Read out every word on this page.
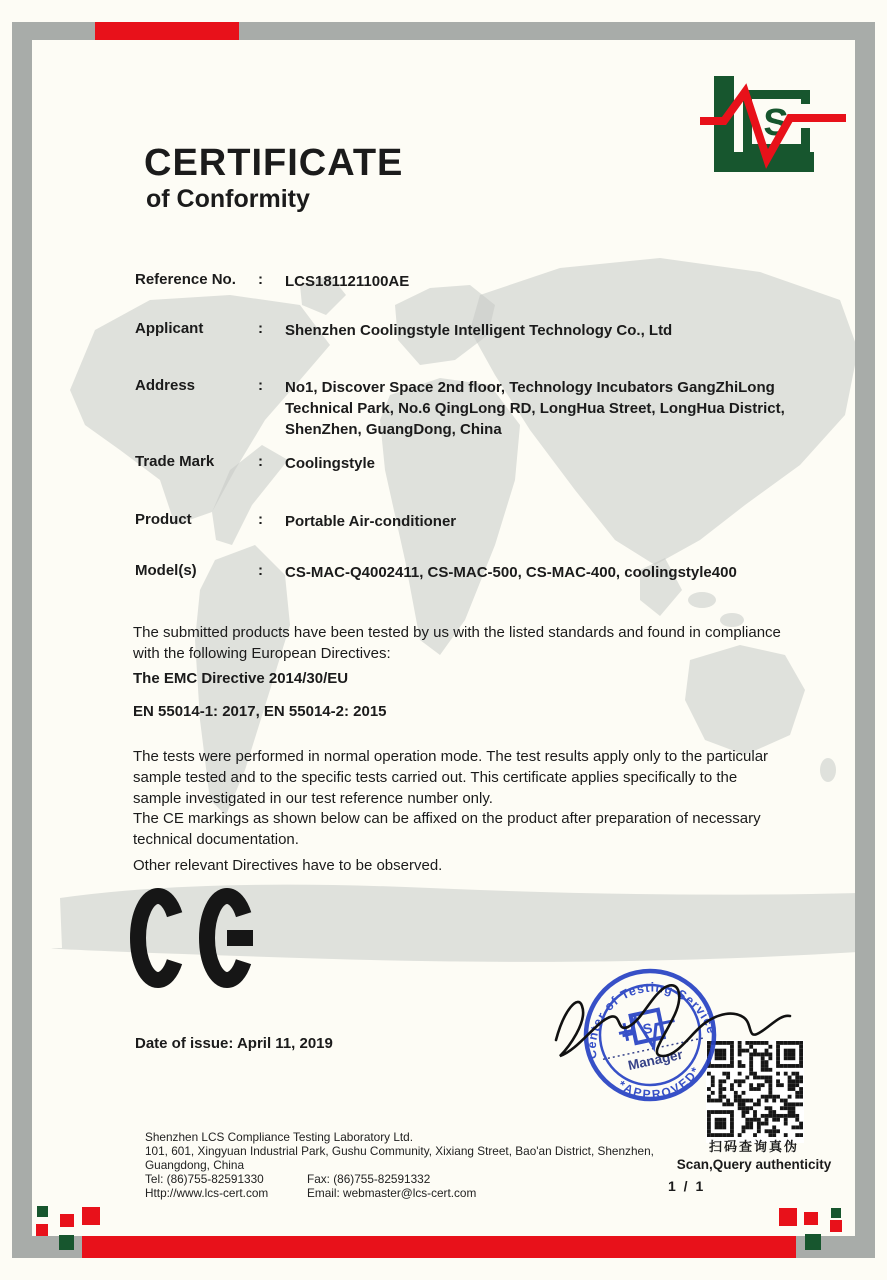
S
CERTIFICATE
of Conformity
Reference No.	:	LCS181121100AE
Applicant	:	Shenzhen Coolingstyle Intelligent Technology Co., Ltd
Address	:	No1, Discover Space 2nd floor, Technology Incubators GangZhiLong Technical Park, No.6 QingLong RD, LongHua Street, LongHua District, ShenZhen, GuangDong, China
Trade Mark	:	Coolingstyle
Product	:	Portable Air-conditioner
Model(s)	:	CS-MAC-Q4002411, CS-MAC-500, CS-MAC-400, coolingstyle400
The submitted products have been tested by us with the listed standards and found in compliance with the following European Directives:
The EMC Directive 2014/30/EU
EN 55014-1: 2017, EN 55014-2: 2015
The tests were performed in normal operation mode. The test results apply only to the particular sample tested and to the specific tests carried out. This certificate applies specifically to the sample investigated in our test reference number only.
The CE markings as shown below can be affixed on the product after preparation of necessary technical documentation.
Other relevant Directives have to be observed.
Date of issue: April 11, 2019
Center of Testing Service
*APPROVED*
Manager
S
扫码查询真伪
Scan,Query authenticity
Shenzhen LCS Compliance Testing Laboratory Ltd.
101, 601, Xingyuan Industrial Park, Gushu Community, Xixiang Street, Bao'an District, Shenzhen,
Guangdong, China
Tel: (86)755-82591330	Fax: (86)755-82591332
Http://www.lcs-cert.com	Email: webmaster@lcs-cert.com	1 / 1
